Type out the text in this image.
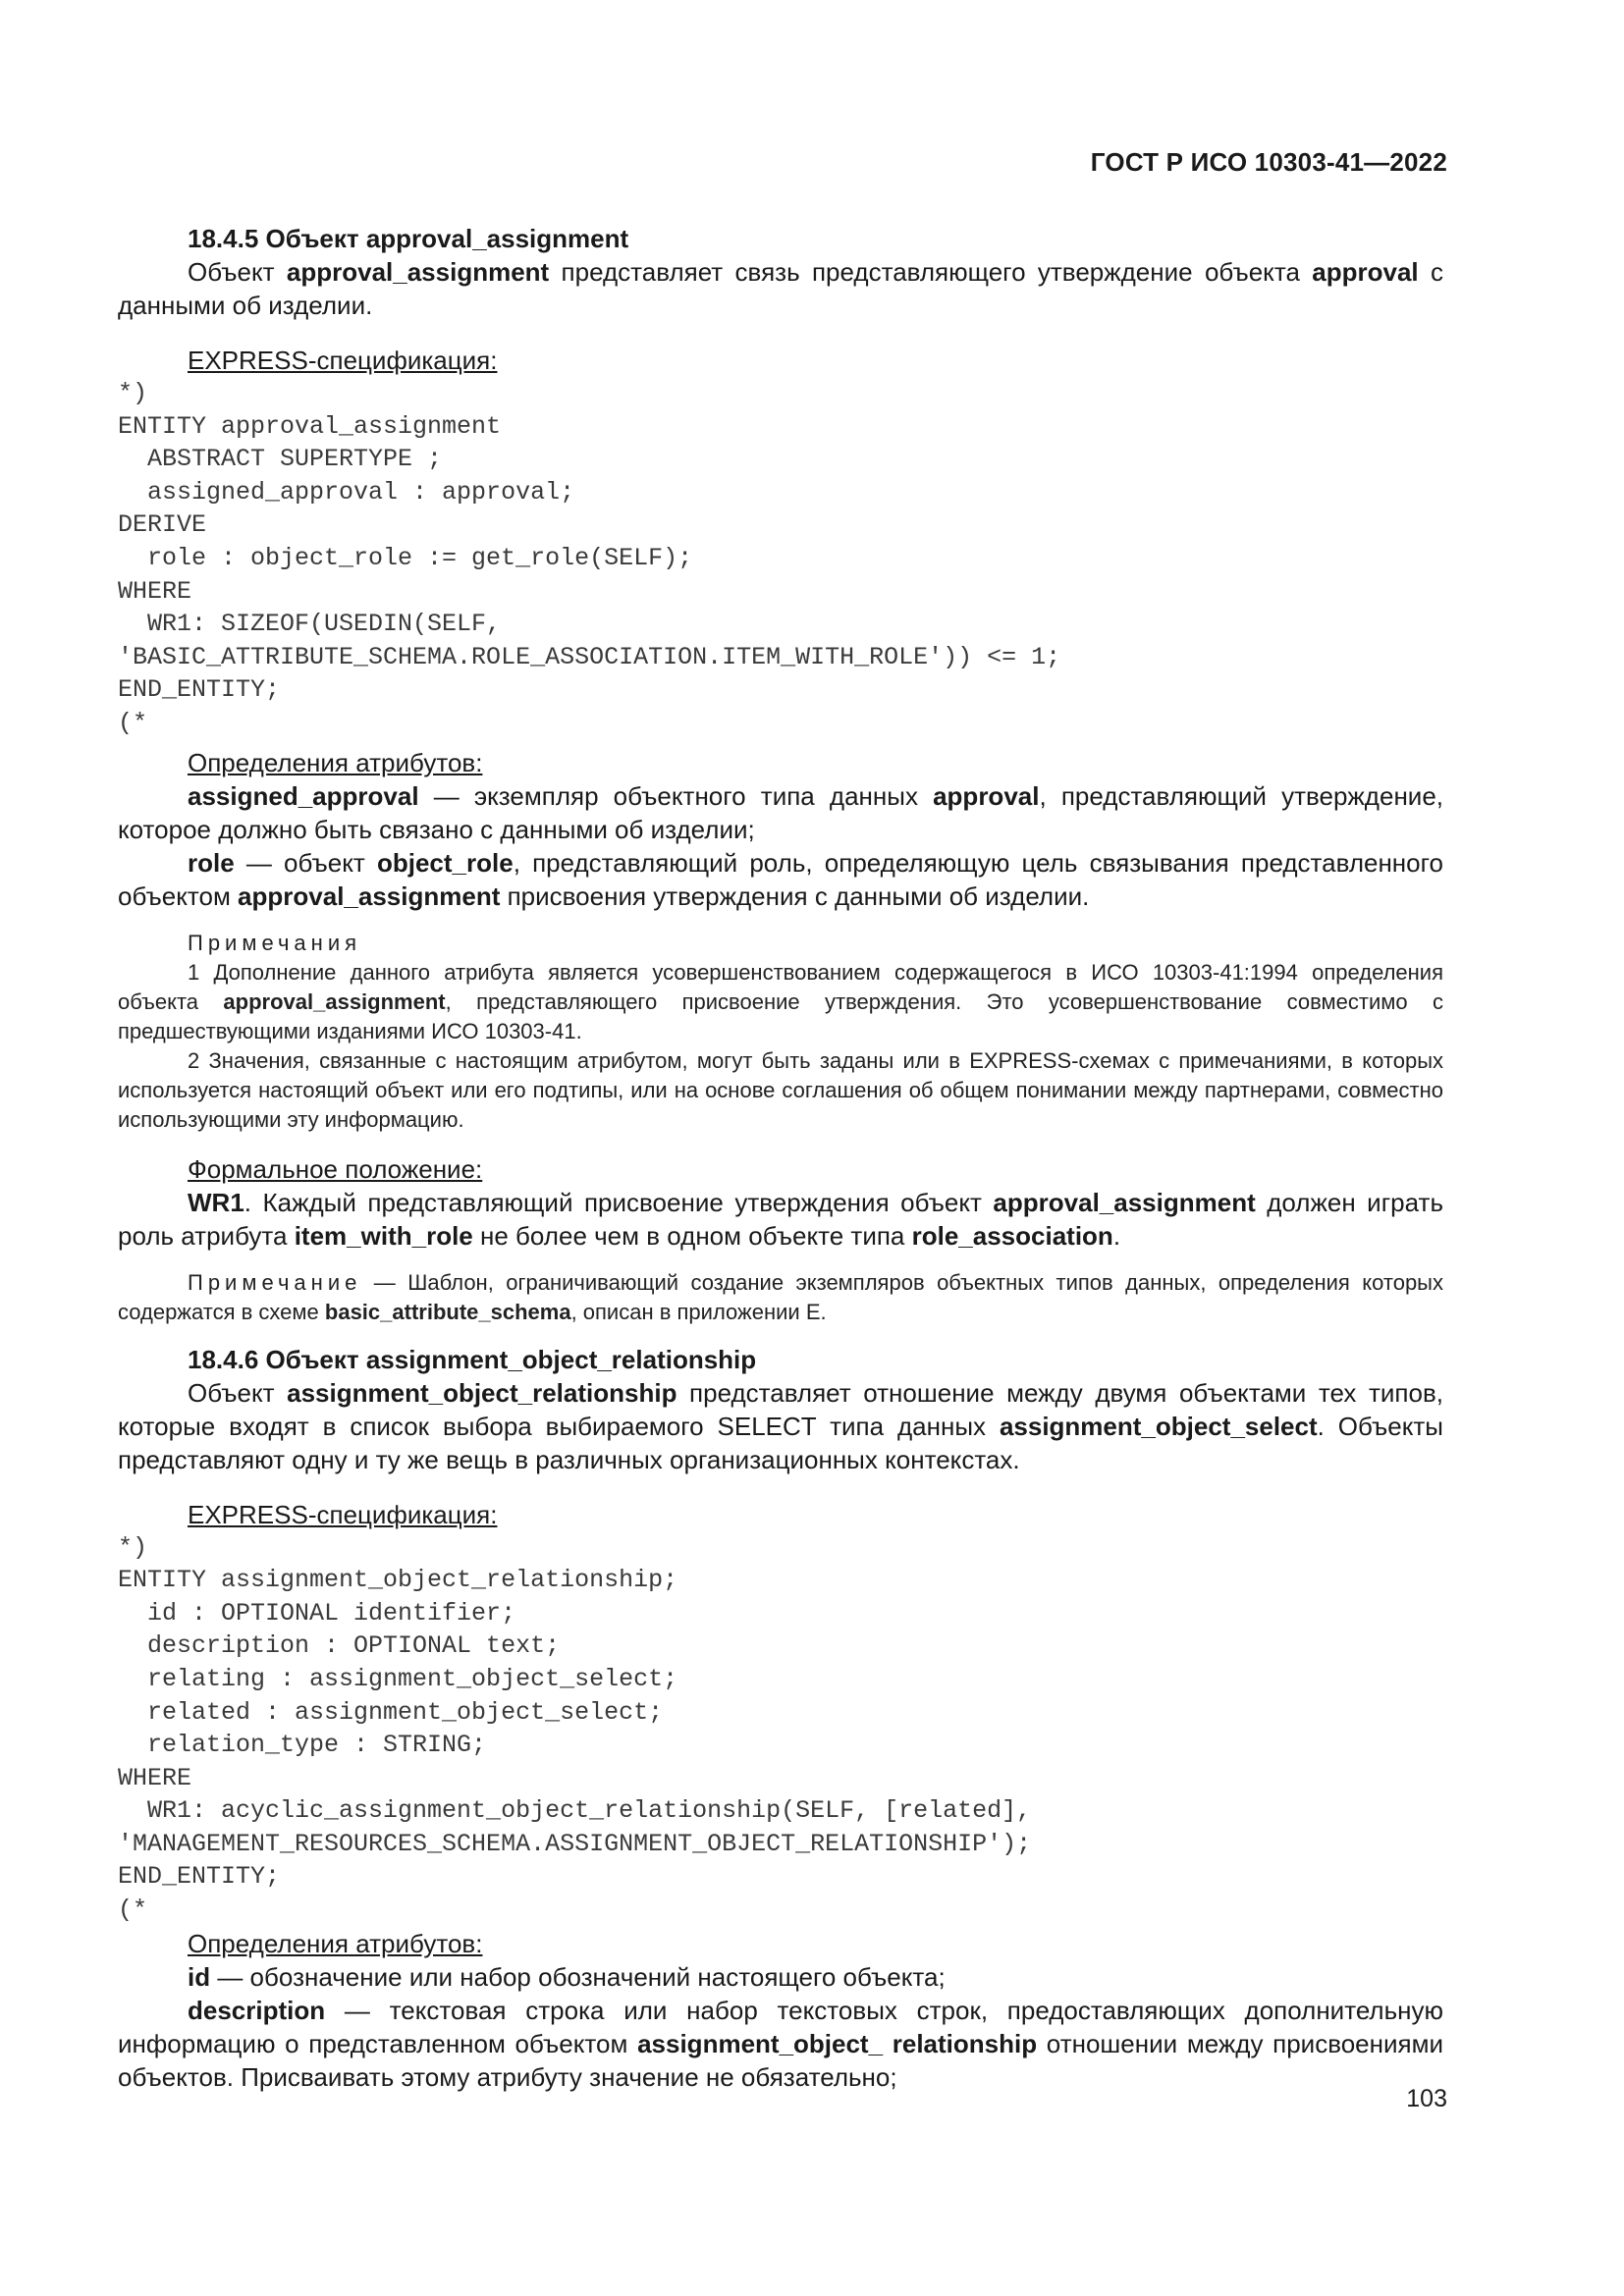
ГОСТ Р ИСО 10303-41—2022

18.4.5 Объект approval_assignment

Объект approval_assignment представляет связь представляющего утверждение объекта approval с данными об изделии.

EXPRESS-спецификация:

*)
ENTITY approval_assignment
ABSTRACT SUPERTYPE ;
assigned_approval : approval;
DERIVE
role : object_role := get_role(SELF);
WHERE
WR1: SIZEOF(USEDIN(SELF,
'BASIC_ATTRIBUTE_SCHEMA.ROLE_ASSOCIATION.ITEM_WITH_ROLE')) <= 1;
END_ENTITY;
(*

Определения атрибутов:

assigned_approval — экземпляр объектного типа данных approval, представляющий утверждение, которое должно быть связано с данными об изделии;

role — объект object_role, представляющий роль, определяющую цель связывания представленного объектом approval_assignment присвоения утверждения с данными об изделии.

Примечания

1 Дополнение данного атрибута является усовершенствованием содержащегося в ИСО 10303-41:1994 определения объекта approval_assignment, представляющего присвоение утверждения. Это усовершенствование совместимо с предшествующими изданиями ИСО 10303-41.

2 Значения, связанные с настоящим атрибутом, могут быть заданы или в EXPRESS-схемах с примечаниями, в которых используется настоящий объект или его подтипы, или на основе соглашения об общем понимании между партнерами, совместно использующими эту информацию.

Формальное положение:

WR1. Каждый представляющий присвоение утверждения объект approval_assignment должен играть роль атрибута item_with_role не более чем в одном объекте типа role_association.

Примечание — Шаблон, ограничивающий создание экземпляров объектных типов данных, определения которых содержатся в схеме basic_attribute_schema, описан в приложении Е.

18.4.6 Объект assignment_object_relationship

Объект assignment_object_relationship представляет отношение между двумя объектами тех типов, которые входят в список выбора выбираемого SELECT типа данных assignment_object_select. Объекты представляют одну и ту же вещь в различных организационных контекстах.

EXPRESS-спецификация:

*)
ENTITY assignment_object_relationship;
id : OPTIONAL identifier;
description : OPTIONAL text;
relating : assignment_object_select;
related : assignment_object_select;
relation_type : STRING;
WHERE
WR1: acyclic_assignment_object_relationship(SELF, [related],
'MANAGEMENT_RESOURCES_SCHEMA.ASSIGNMENT_OBJECT_RELATIONSHIP');
END_ENTITY;
(*

Определения атрибутов:

id — обозначение или набор обозначений настоящего объекта;

description — текстовая строка или набор текстовых строк, предоставляющих дополнительную информацию о представленном объектом assignment_object_ relationship отношении между присвоениями объектов. Присваивать этому атрибуту значение не обязательно;

103
